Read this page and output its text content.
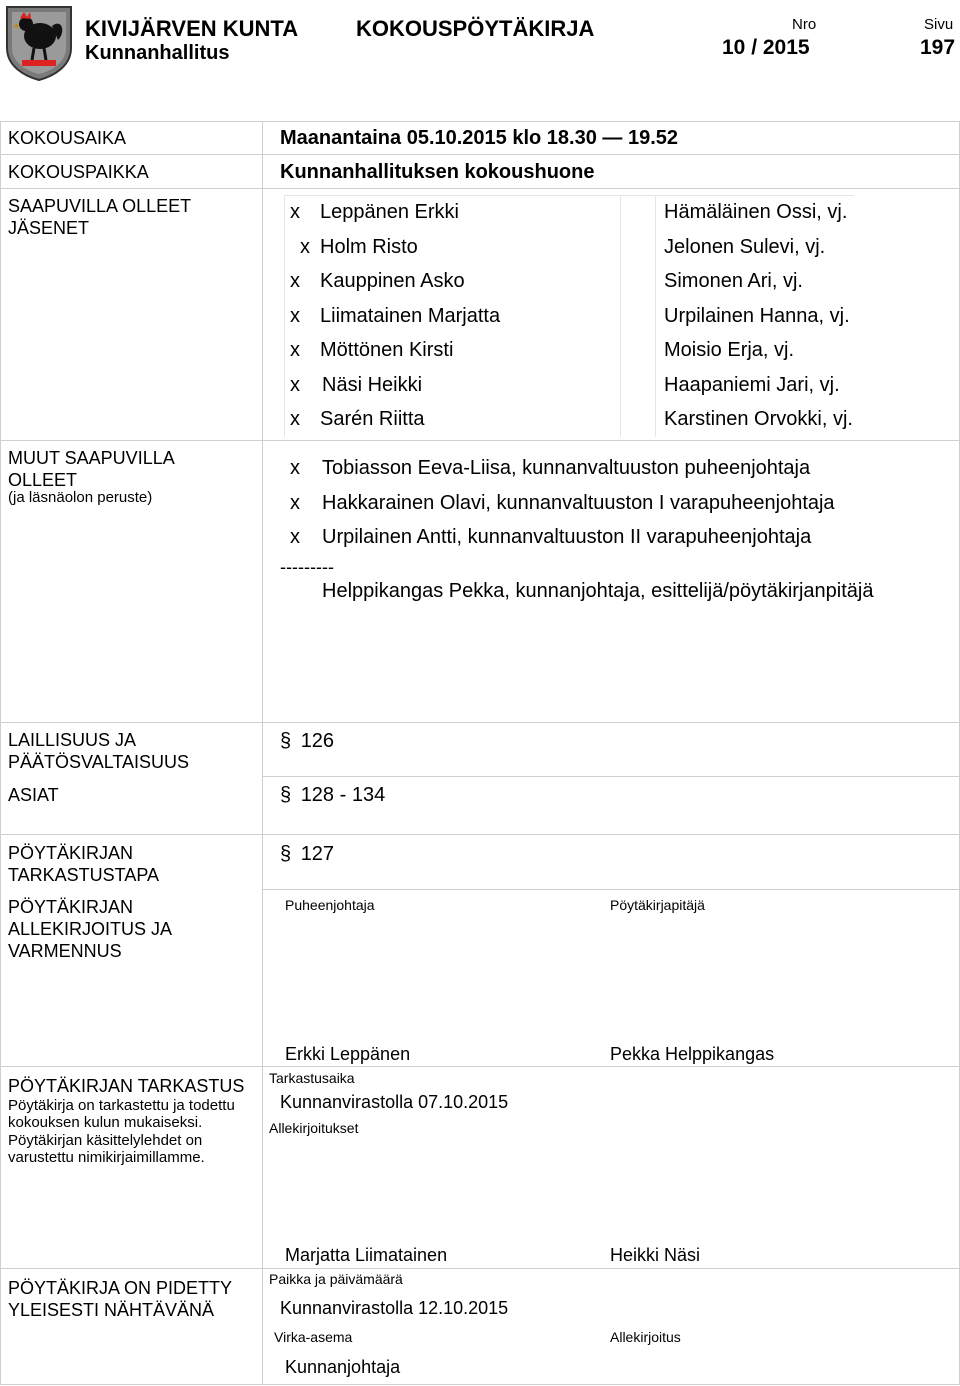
KIVIJÄRVEN KUNTA
Kunnanhallitus
KOKOUSPÖYTÄKIRJA	Nro
10 / 2015
Sivu
197
KOKOUSAIKA	Maanantaina 05.10.2015 klo 18.30 — 19.52
KOKOUSPAIKKA	Kunnanhallituksen kokoushuone
SAAPUVILLA OLLEET
JÄSENET
x Leppänen Erkki	Hämäläinen Ossi, vj.
x Holm Risto	Jelonen Sulevi, vj.
x Kauppinen Asko	Simonen Ari, vj.
x Liimatainen Marjatta	Urpilainen Hanna, vj.
x Möttönen Kirsti	Moisio Erja, vj.
x Näsi Heikki	Haapaniemi Jari, vj.
x Sarén Riitta	Karstinen Orvokki, vj.
MUUT SAAPUVILLA
OLLEET
(ja läsnäolon peruste)
x Tobiasson Eeva-Liisa, kunnanvaltuuston puheenjohtaja
x Hakkarainen Olavi, kunnanvaltuuston I varapuheenjohtaja
x Urpilainen Antti, kunnanvaltuuston II varapuheenjohtaja
---------
Helppikangas Pekka, kunnanjohtaja, esittelijä/pöytäkirjanpitäjä
LAILLISUUS JA
PÄÄTÖSVALTAISUUS
§ 126
ASIAT	§ 128 - 134
PÖYTÄKIRJAN
TARKASTUSTAPA
§ 127
PÖYTÄKIRJAN
ALLEKIRJOITUS JA
VARMENNUS
Puheenjohtaja	Pöytäkirjapitäjä
Erkki Leppänen	Pekka Helppikangas
PÖYTÄKIRJAN TARKASTUS
Pöytäkirja on tarkastettu ja todettu
kokouksen kulun mukaiseksi.
Pöytäkirjan käsittelylehdet on
varustettu nimikirjaimillamme.
Tarkastusaika
Kunnanvirastolla 07.10.2015
Allekirjoitukset
Marjatta Liimatainen	Heikki Näsi
PÖYTÄKIRJA ON PIDETTY
YLEISESTI NÄHTÄVÄNÄ
Paikka ja päivämäärä
Kunnanvirastolla 12.10.2015
Virka-asema	Allekirjoitus
Kunnanjohtaja
